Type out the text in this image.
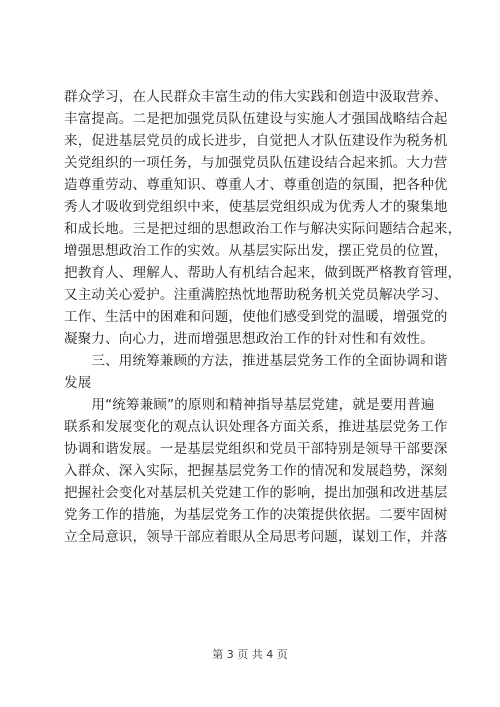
群众学习，在人民群众丰富生动的伟大实践和创造中汲取营养、
丰富提高。二是把加强党员队伍建设与实施人才强国战略结合起
来，促进基层党员的成长进步，自觉把人才队伍建设作为税务机
关党组织的一项任务，与加强党员队伍建设结合起来抓。大力营
造尊重劳动、尊重知识、尊重人才、尊重创造的氛围，把各种优
秀人才吸收到党组织中来，使基层党组织成为优秀人才的聚集地
和成长地。三是把过细的思想政治工作与解决实际问题结合起来，
增强思想政治工作的实效。从基层实际出发，摆正党员的位置，
把教育人、理解人、帮助人有机结合起来，做到既严格教育管理，
又主动关心爱护。注重满腔热忱地帮助税务机关党员解决学习、
工作、生活中的困难和问题，使他们感受到党的温暖，增强党的
凝聚力、向心力，进而增强思想政治工作的针对性和有效性。
　　三、用统筹兼顾的方法，推进基层党务工作的全面协调和谐
发展
　　用“统筹兼顾”的原则和精神指导基层党建，就是要用普遍
联系和发展变化的观点认识处理各方面关系，推进基层党务工作
协调和谐发展。一是基层党组织和党员干部特别是领导干部要深
入群众、深入实际，把握基层党务工作的情况和发展趋势，深刻
把握社会变化对基层机关党建工作的影响，提出加强和改进基层
党务工作的措施，为基层党务工作的决策提供依据。二要牢固树
立全局意识，领导干部应着眼从全局思考问题，谋划工作，并落
第 3 页 共 4 页
